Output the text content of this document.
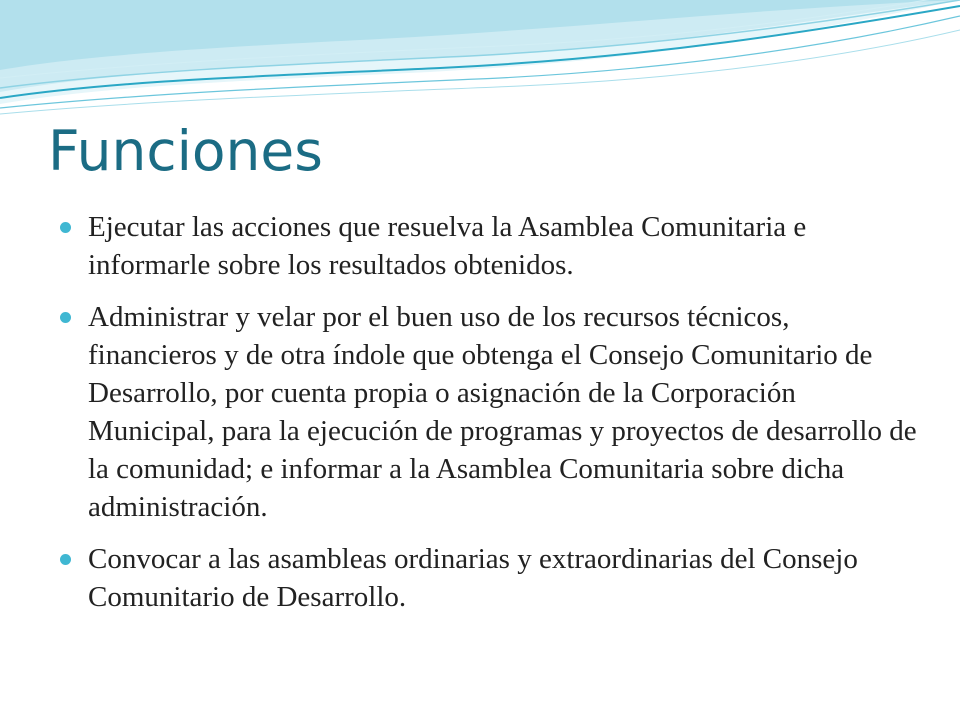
Funciones
Ejecutar las acciones que resuelva la Asamblea Comunitaria e informarle sobre los resultados obtenidos.
Administrar y velar por el buen uso de los recursos técnicos, financieros y de otra índole que obtenga el Consejo Comunitario de Desarrollo, por cuenta propia o asignación de la Corporación Municipal, para la ejecución de programas y proyectos de desarrollo de la comunidad; e informar a la Asamblea Comunitaria sobre dicha administración.
Convocar a las asambleas ordinarias y extraordinarias del Consejo Comunitario de Desarrollo.
